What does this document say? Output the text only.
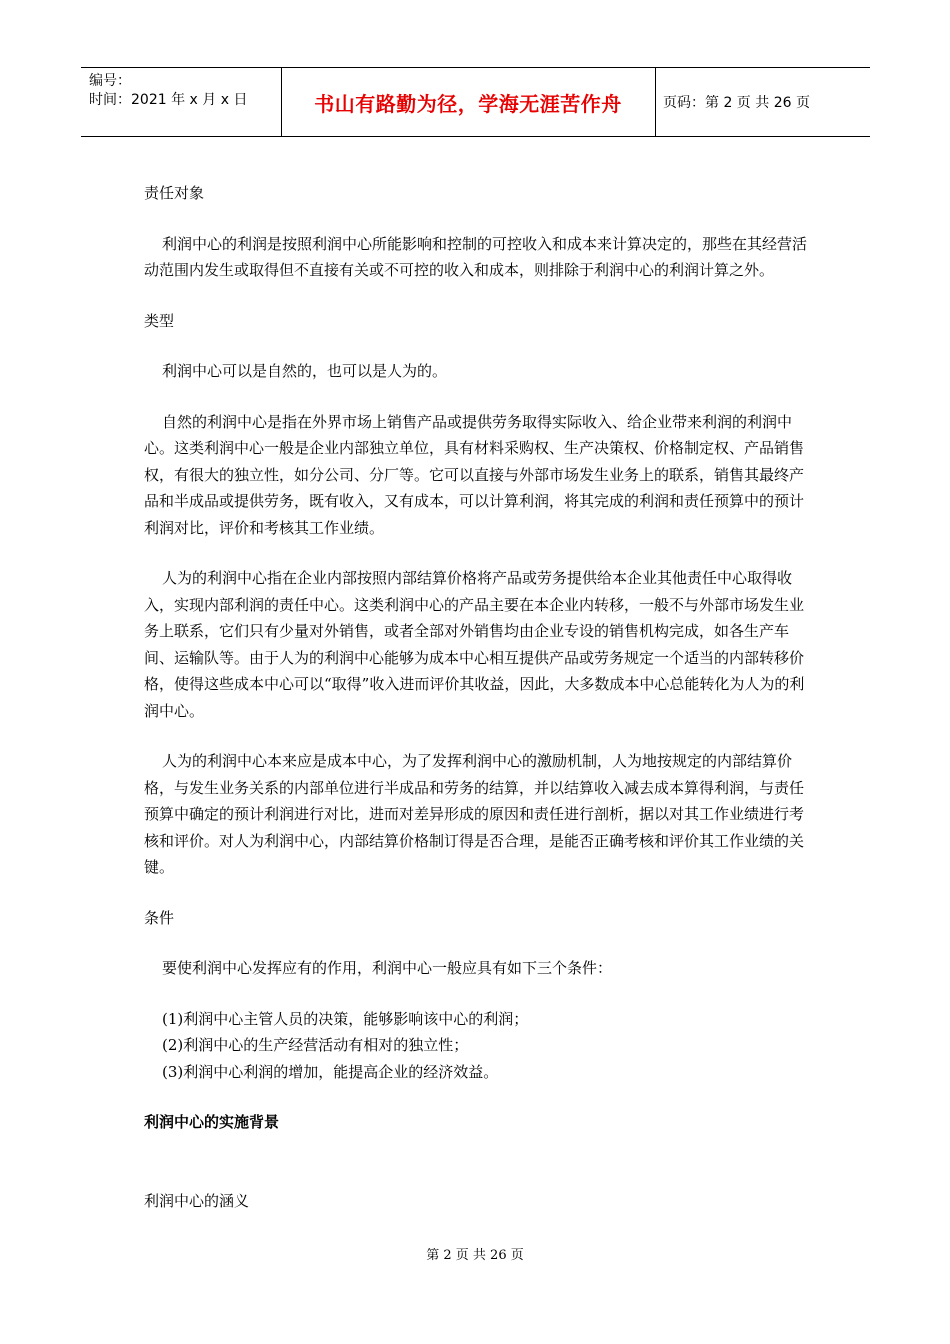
编号：
时间：2021 年 x 月 x 日	书山有路勤为径，学海无涯苦作舟	页码：第 2 页 共 26 页

责任对象

利润中心的利润是按照利润中心所能影响和控制的可控收入和成本来计算决定的，那些在其经营活动范围内发生或取得但不直接有关或不可控的收入和成本，则排除于利润中心的利润计算之外。

类型

利润中心可以是自然的，也可以是人为的。

自然的利润中心是指在外界市场上销售产品或提供劳务取得实际收入、给企业带来利润的利润中心。这类利润中心一般是企业内部独立单位，具有材料采购权、生产决策权、价格制定权、产品销售权，有很大的独立性，如分公司、分厂等。它可以直接与外部市场发生业务上的联系，销售其最终产品和半成品或提供劳务，既有收入，又有成本，可以计算利润，将其完成的利润和责任预算中的预计利润对比，评价和考核其工作业绩。

人为的利润中心指在企业内部按照内部结算价格将产品或劳务提供给本企业其他责任中心取得收入，实现内部利润的责任中心。这类利润中心的产品主要在本企业内转移，一般不与外部市场发生业务上联系，它们只有少量对外销售，或者全部对外销售均由企业专设的销售机构完成，如各生产车间、运输队等。由于人为的利润中心能够为成本中心相互提供产品或劳务规定一个适当的内部转移价格，使得这些成本中心可以“取得”收入进而评价其收益，因此，大多数成本中心总能转化为人为的利润中心。

人为的利润中心本来应是成本中心，为了发挥利润中心的激励机制，人为地按规定的内部结算价格，与发生业务关系的内部单位进行半成品和劳务的结算，并以结算收入减去成本算得利润，与责任预算中确定的预计利润进行对比，进而对差异形成的原因和责任进行剖析，据以对其工作业绩进行考核和评价。对人为利润中心，内部结算价格制订得是否合理，是能否正确考核和评价其工作业绩的关键。

条件

要使利润中心发挥应有的作用，利润中心一般应具有如下三个条件：

(1)利润中心主管人员的决策，能够影响该中心的利润；

(2)利润中心的生产经营活动有相对的独立性；

(3)利润中心利润的增加，能提高企业的经济效益。

利润中心的实施背景

利润中心的涵义

第 2 页 共 26 页
